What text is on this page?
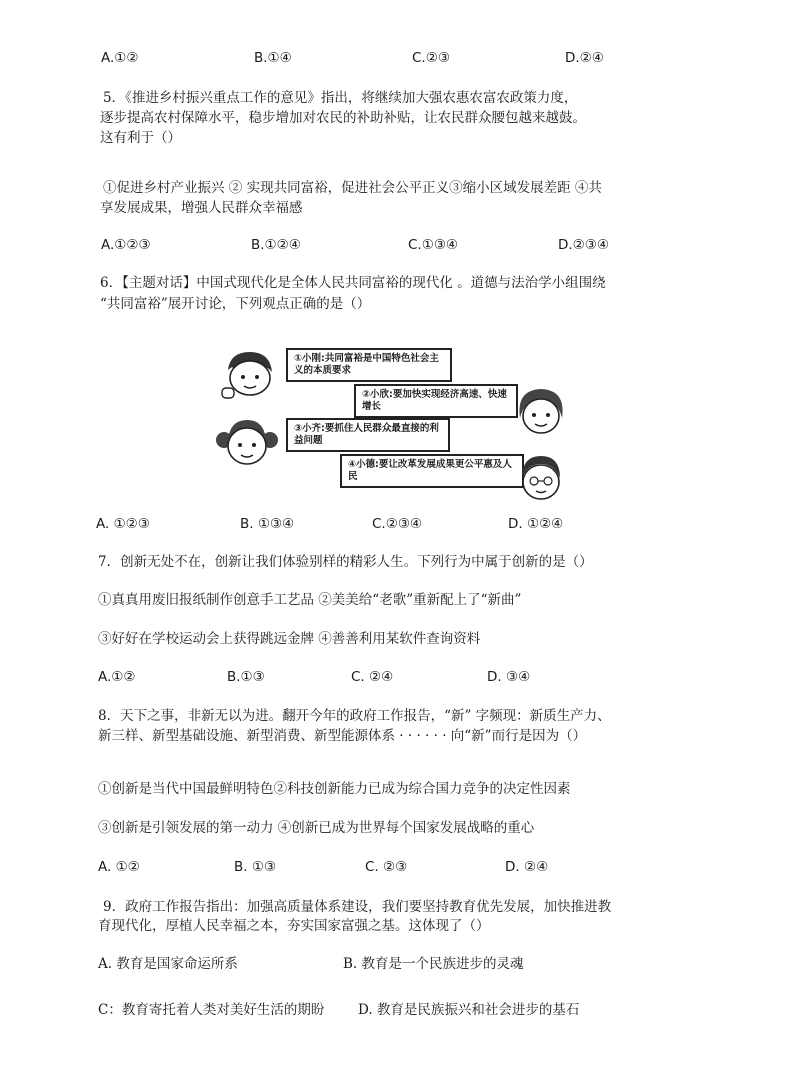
A.①②	B.①④	C.②③	D.②④
5．《推进乡村振兴重点工作的意见》指出，将继续加大强农惠农富农政策力度，
逐步提高农村保障水平，稳步增加对农民的补助补贴，让农民群众腰包越来越鼓。
这有利于（）
①促进乡村产业振兴 ② 实现共同富裕，促进社会公平正义③缩小区域发展差距 ④共
享发展成果，增强人民群众幸福感
A.①②③	B.①②④	C.①③④	D.②③④
6．【主题对话】中国式现代化是全体人民共同富裕的现代化 。道德与法治学小组围绕
“共同富裕”展开讨论，下列观点正确的是（）
①小刚:共同富裕是中国特色社会主义的本质要求
②小欣:要加快实现经济高速、快速增长
③小齐:要抓住人民群众最直接的利益问题
④小德:要让改革发展成果更公平惠及人民
A. ①②③	B. ①③④	C.②③④	D. ①②④
7．创新无处不在，创新让我们体验别样的精彩人生。下列行为中属于创新的是（）
①真真用废旧报纸制作创意手工艺品 ②美美给“老歌”重新配上了“新曲”
③好好在学校运动会上获得跳远金牌 ④善善利用某软件查询资料
A.①②	B.①③	C. ②④	D. ③④
8．天下之事，非新无以为进。翻开今年的政府工作报告，“新” 字频现：新质生产力、
新三样、新型基础设施、新型消费、新型能源体系 · · · · · · 向“新”而行是因为（）
①创新是当代中国最鲜明特色②科技创新能力已成为综合国力竞争的决定性因素
③创新是引领发展的第一动力 ④创新已成为世界每个国家发展战略的重心
A. ①②	B. ①③	C. ②③	D. ②④
9．政府工作报告指出：加强高质量体系建设，我们要坚持教育优先发展，加快推进教
育现代化，厚植人民幸福之本，夯实国家富强之基。这体现了（）
A. 教育是国家命运所系	B. 教育是一个民族进步的灵魂
C：教育寄托着人类对美好生活的期盼 D. 教育是民族振兴和社会进步的基石
